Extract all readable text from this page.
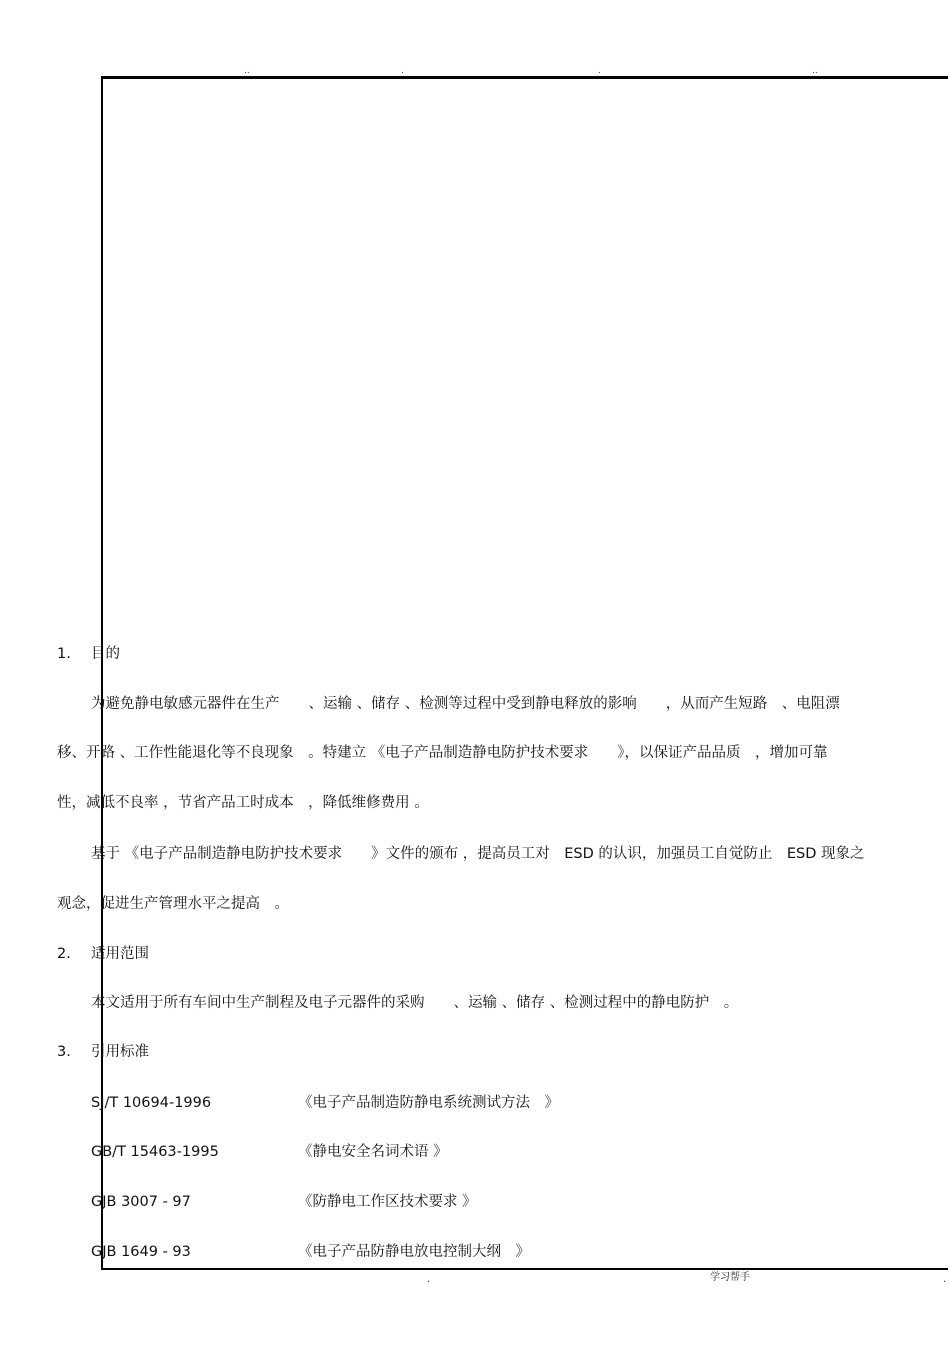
..	.	.	..
1. 目的
为避免静电敏感元器件在生产　　、运输 、储存 、检测等过程中受到静电释放的影响　　，从而产生短路　、电阻漂
移、开路 、工作性能退化等不良现象　。特建立 《电子产品制造静电防护技术要求　　》，以保证产品品质　，增加可靠
性，减低不良率 ，节省产品工时成本　，降低维修费用 。
基于 《电子产品制造静电防护技术要求　　》文件的颁布 ，提高员工对　ESD 的认识，加强员工自觉防止　ESD 现象之
观念，促进生产管理水平之提高　。
2. 适用范围
本文适用于所有车间中生产制程及电子元器件的采购　　、运输 、储存 、检测过程中的静电防护　。
3. 引用标准
SJ/T 10694-1996	《电子产品制造防静电系统测试方法　》
GB/T 15463-1995	《静电安全名词术语 》
GJB 3007 - 97	《防静电工作区技术要求 》
GJB 1649 - 93	《电子产品防静电放电控制大纲　》
.	学习帮手	.
